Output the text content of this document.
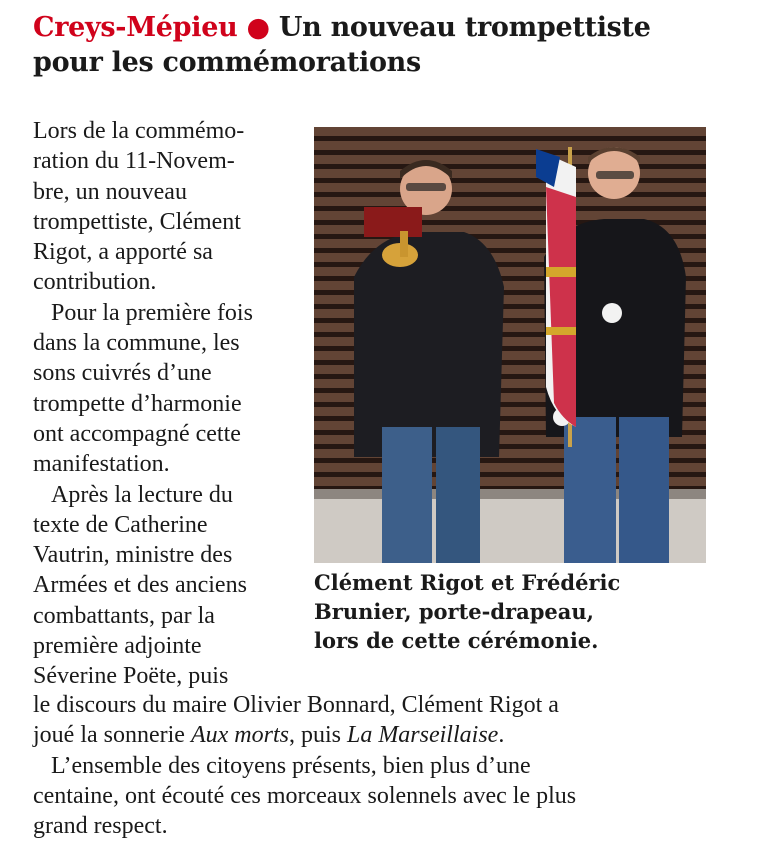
Creys-Mépieu ● Un nouveau trompettiste
pour les commémorations
Lors de la commémo-
ration du 11-Novem-
bre, un nouveau
trompettiste, Clément
Rigot, a apporté sa
contribution.
Pour la première fois
dans la commune, les
sons cuivrés d’une
trompette d’harmonie
ont accompagné cette
manifestation.
Après la lecture du
texte de Catherine
Vautrin, ministre des
Armées et des anciens
combattants, par la
première adjointe
Séverine Poëte, puis
Clément Rigot et Frédéric
Brunier, porte-drapeau,
lors de cette cérémonie.
le discours du maire Olivier Bonnard, Clément Rigot a
joué la sonnerie Aux morts, puis La Marseillaise.
L’ensemble des citoyens présents, bien plus d’une
centaine, ont écouté ces morceaux solennels avec le plus
grand respect.
